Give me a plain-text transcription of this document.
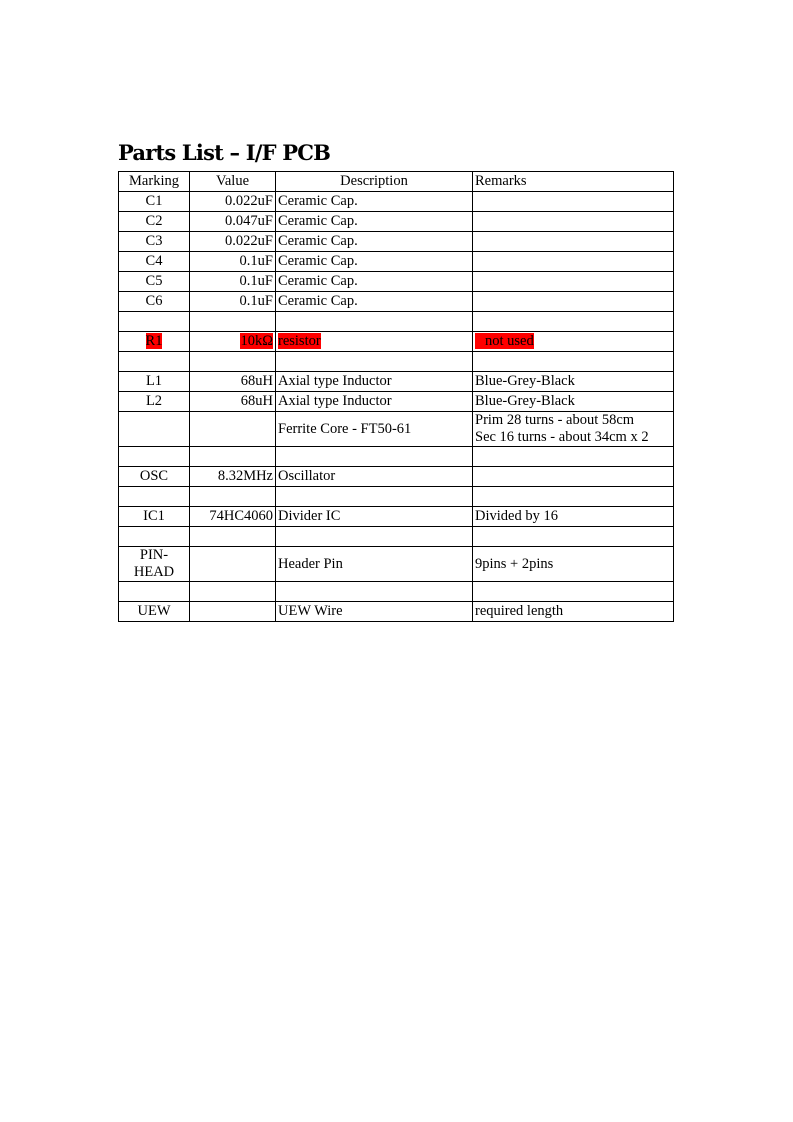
Parts List – I/F PCB
Marking	Value	Description	Remarks
C1	0.022uF	Ceramic Cap.	
C2	0.047uF	Ceramic Cap.	
C3	0.022uF	Ceramic Cap.	
C4	0.1uF	Ceramic Cap.	
C5	0.1uF	Ceramic Cap.	
C6	0.1uF	Ceramic Cap.	

R1	10kΩ	resistor	not used

L1	68uH	Axial type Inductor	Blue-Grey-Black
L2	68uH	Axial type Inductor	Blue-Grey-Black
		Ferrite Core - FT50-61	Prim 28 turns - about 58cm
Sec 16 turns - about 34cm x 2

OSC	8.32MHz	Oscillator	

IC1	74HC4060	Divider IC	Divided by 16

PIN-
HEAD		Header Pin	9pins + 2pins

UEW		UEW Wire	required length
